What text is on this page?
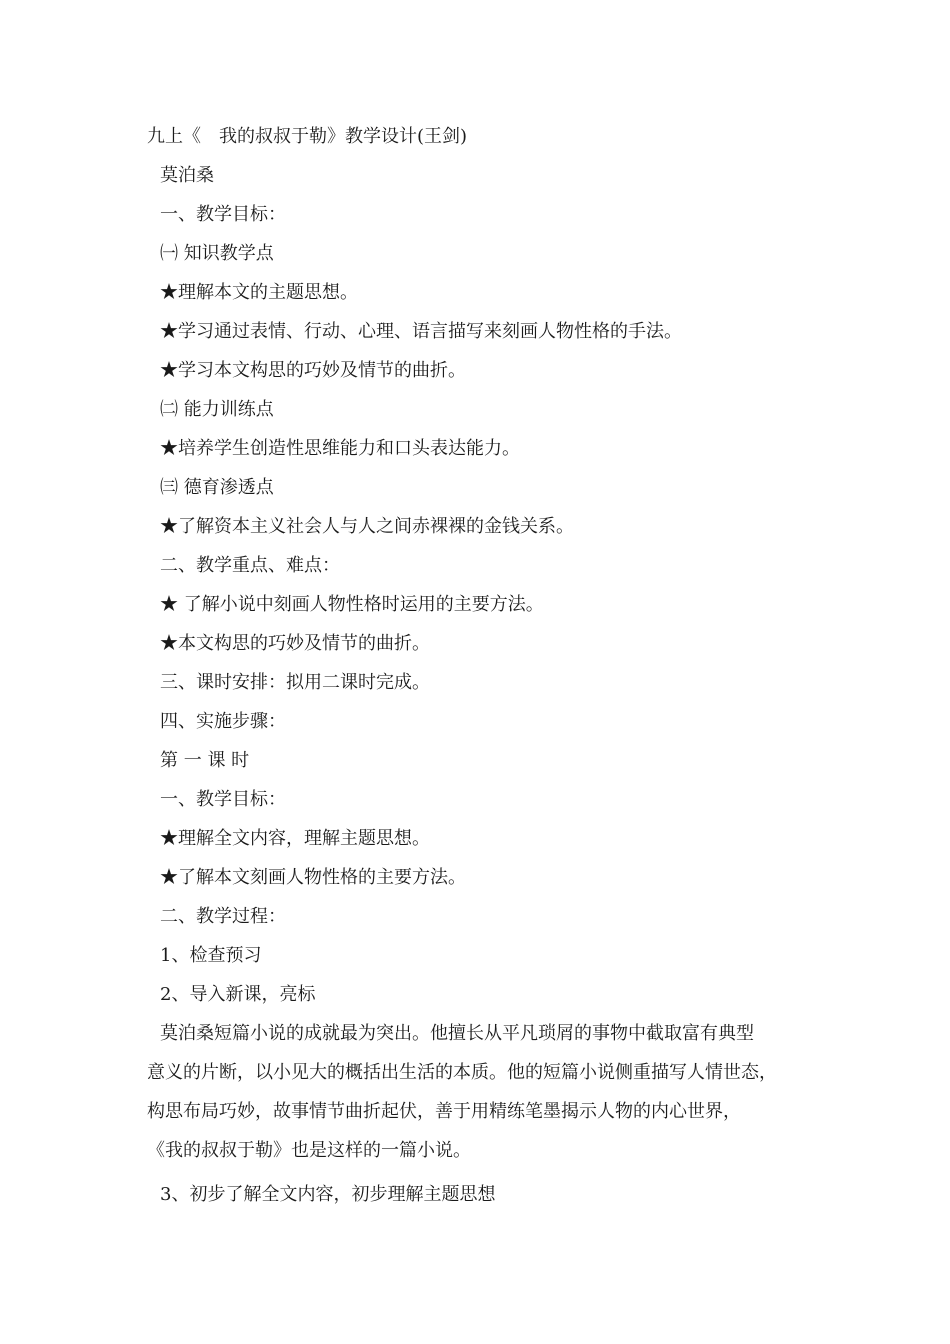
九上《　我的叔叔于勒》教学设计(王剑)
莫泊桑
一、教学目标：
㈠ 知识教学点
★理解本文的主题思想。
★学习通过表情、行动、心理、语言描写来刻画人物性格的手法。
★学习本文构思的巧妙及情节的曲折。
㈡ 能力训练点
★培养学生创造性思维能力和口头表达能力。
㈢ 德育渗透点
★了解资本主义社会人与人之间赤裸裸的金钱关系。
二、教学重点、难点：
★ 了解小说中刻画人物性格时运用的主要方法。
★本文构思的巧妙及情节的曲折。
三、课时安排：拟用二课时完成。
四、实施步骤：
第 一 课 时
一、教学目标：
★理解全文内容，理解主题思想。
★了解本文刻画人物性格的主要方法。
二、教学过程：
1、检查预习
2、导入新课，亮标
莫泊桑短篇小说的成就最为突出。他擅长从平凡琐屑的事物中截取富有典型
意义的片断，以小见大的概括出生活的本质。他的短篇小说侧重描写人情世态，
构思布局巧妙，故事情节曲折起伏，善于用精练笔墨揭示人物的内心世界，
《我的叔叔于勒》也是这样的一篇小说。
3、初步了解全文内容，初步理解主题思想
